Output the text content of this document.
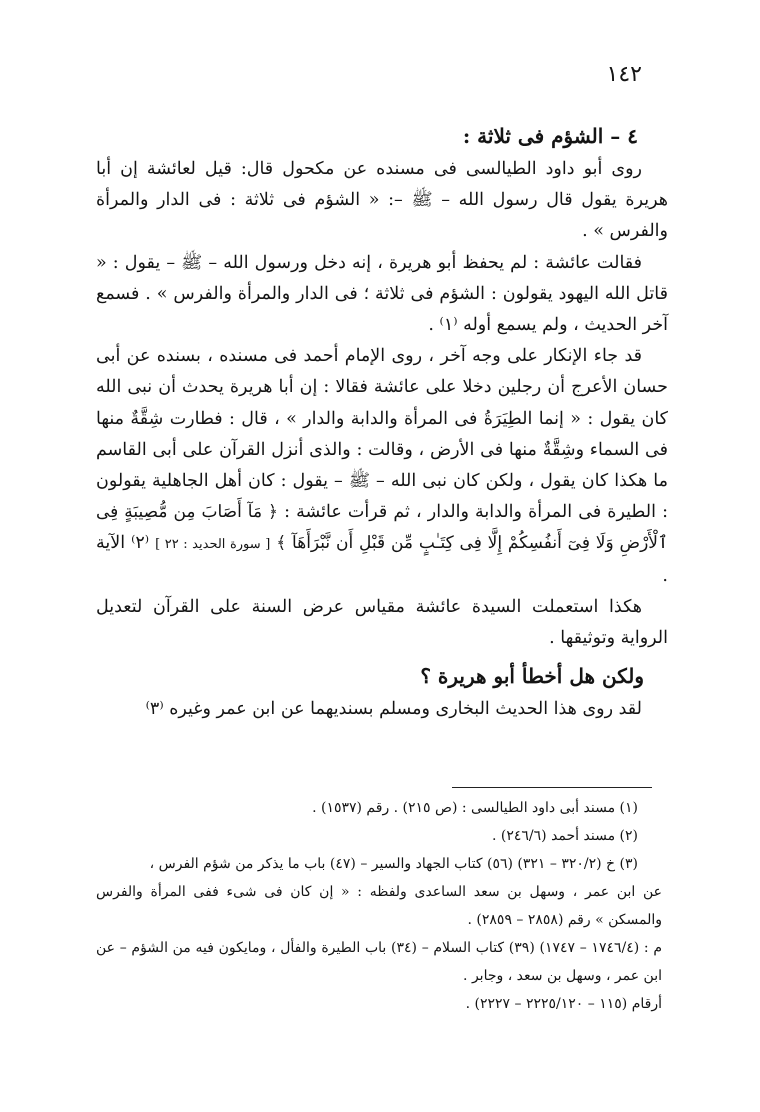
١٤٢
٤ – الشؤم فى ثلاثة :

روى أبو داود الطيالسى فى مسنده عن مكحول قال: قيل لعائشة إن أبا هريرة يقول قال رسول الله – ﷺ –: « الشؤم فى ثلاثة : فى الدار والمرأة والفرس » .

فقالت عائشة : لم يحفظ أبو هريرة ، إنه دخل ورسول الله – ﷺ – يقول : « قاتل الله اليهود يقولون : الشؤم فى ثلاثة ؛ فى الدار والمرأة والفرس » . فسمع آخر الحديث ، ولم يسمع أوله ⁽١⁾ .

قد جاء الإنكار على وجه آخر ، روى الإمام أحمد فى مسنده ، بسنده عن أبى حسان الأعرج أن رجلين دخلا على عائشة فقالا : إن أبا هريرة يحدث أن نبى الله كان يقول : « إنما الطِيَرَةُ فى المرأة والدابة والدار » ، قال : فطارت شِقَّةٌ منها فى السماء وشِقَّةٌ منها فى الأرض ، وقالت : والذى أنزل القرآن على أبى القاسم ما هكذا كان يقول ، ولكن كان نبى الله – ﷺ – يقول : كان أهل الجاهلية يقولون : الطيرة فى المرأة والدابة والدار ، ثم قرأت عائشة : ﴿ مَآ أَصَابَ مِن مُّصِيبَةٍ فِى ٱلْأَرْضِ وَلَا فِىٓ أَنفُسِكُمْ إِلَّا فِى كِتَـٰبٍ مِّن قَبْلِ أَن نَّبْرَأَهَآ ﴾ [ سورة الحديد : ٢٢ ] ⁽٢⁾ الآية .

هكذا استعملت السيدة عائشة مقياس عرض السنة على القرآن لتعديل الرواية وتوثيقها .

ولكن هل أخطأ أبو هريرة ؟

لقد روى هذا الحديث البخارى ومسلم بسنديهما عن ابن عمر وغيره ⁽٣⁾

(١) مسند أبى داود الطيالسى : (ص ٢١٥) . رقم (١٥٣٧) .

(٢) مسند أحمد (٢٤٦/٦) .

(٣) خ (٣٢٠/٢ – ٣٢١) (٥٦) كتاب الجهاد والسير – (٤٧) باب ما يذكر من شؤم الفرس ،

عن ابن عمر ، وسهل بن سعد الساعدى ولفظه : « إن كان فى شىء ففى المرأة والفرس والمسكن » رقم (٢٨٥٨ – ٢٨٥٩) .

م : (١٧٤٦/٤ – ١٧٤٧) (٣٩) كتاب السلام – (٣٤) باب الطيرة والفأل ، ومايكون فيه من الشؤم – عن ابن عمر ، وسهل بن سعد ، وجابر .

أرقام (١١٥ – ٢٢٢٥/١٢٠ – ٢٢٢٧) .
